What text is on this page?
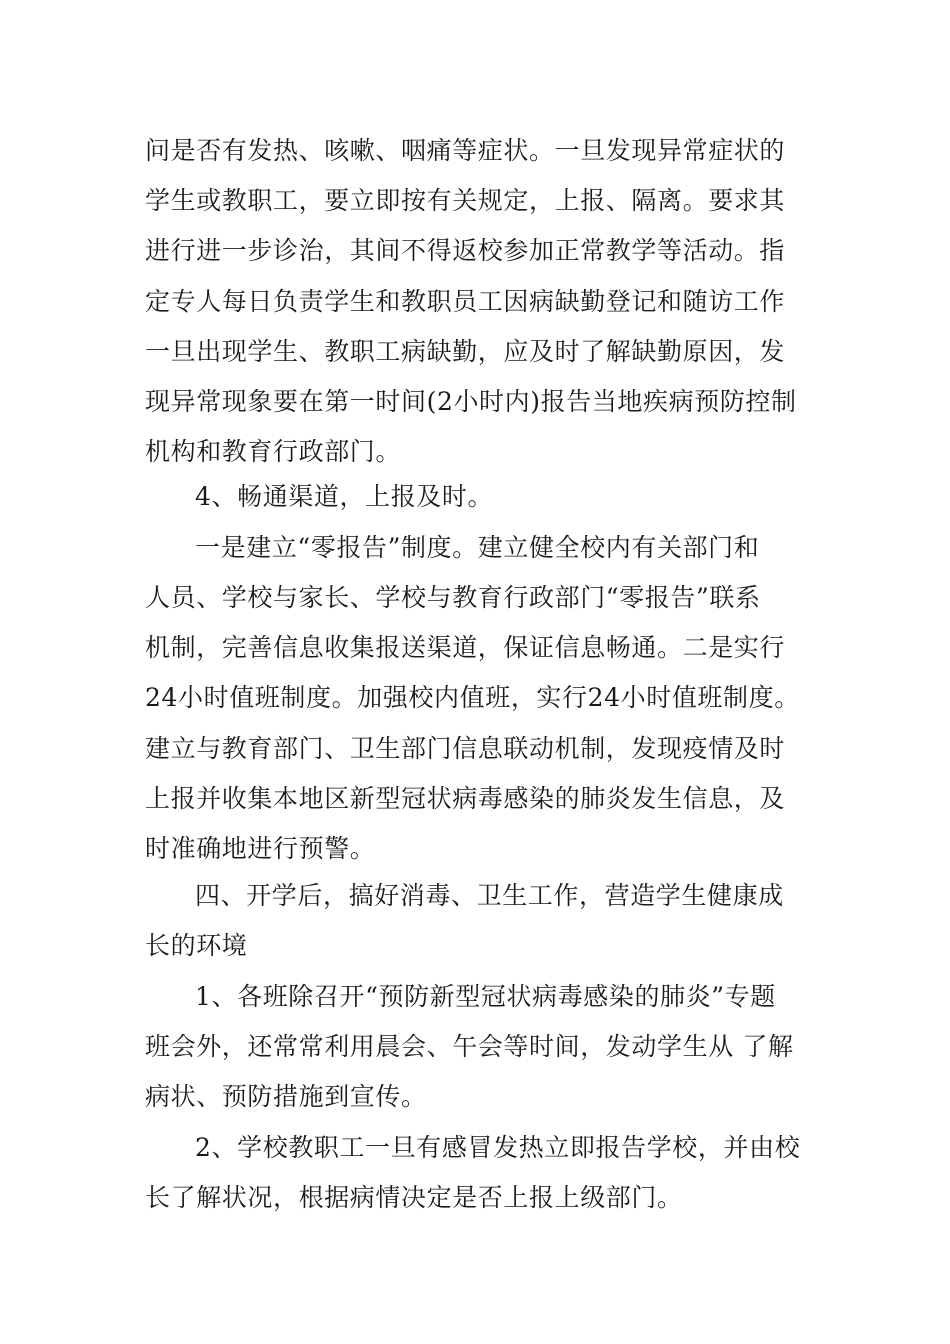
问是否有发热、咳嗽、咽痛等症状。一旦发现异常症状的
学生或教职工，要立即按有关规定，上报、隔离。要求其
进行进一步诊治，其间不得返校参加正常教学等活动。指
定专人每日负责学生和教职员工因病缺勤登记和随访工作
一旦出现学生、教职工病缺勤，应及时了解缺勤原因，发
现异常现象要在第一时间(2小时内)报告当地疾病预防控制
机构和教育行政部门。
4、畅通渠道，上报及时。
一是建立“零报告”制度。建立健全校内有关部门和
人员、学校与家长、学校与教育行政部门“零报告”联系
机制，完善信息收集报送渠道，保证信息畅通。二是实行
24小时值班制度。加强校内值班，实行24小时值班制度。
建立与教育部门、卫生部门信息联动机制，发现疫情及时
上报并收集本地区新型冠状病毒感染的肺炎发生信息，及
时准确地进行预警。
四、开学后，搞好消毒、卫生工作，营造学生健康成
长的环境
1、各班除召开“预防新型冠状病毒感染的肺炎”专题
班会外，还常常利用晨会、午会等时间，发动学生从 了解
病状、预防措施到宣传。
2、学校教职工一旦有感冒发热立即报告学校，并由校
长了解状况，根据病情决定是否上报上级部门。
